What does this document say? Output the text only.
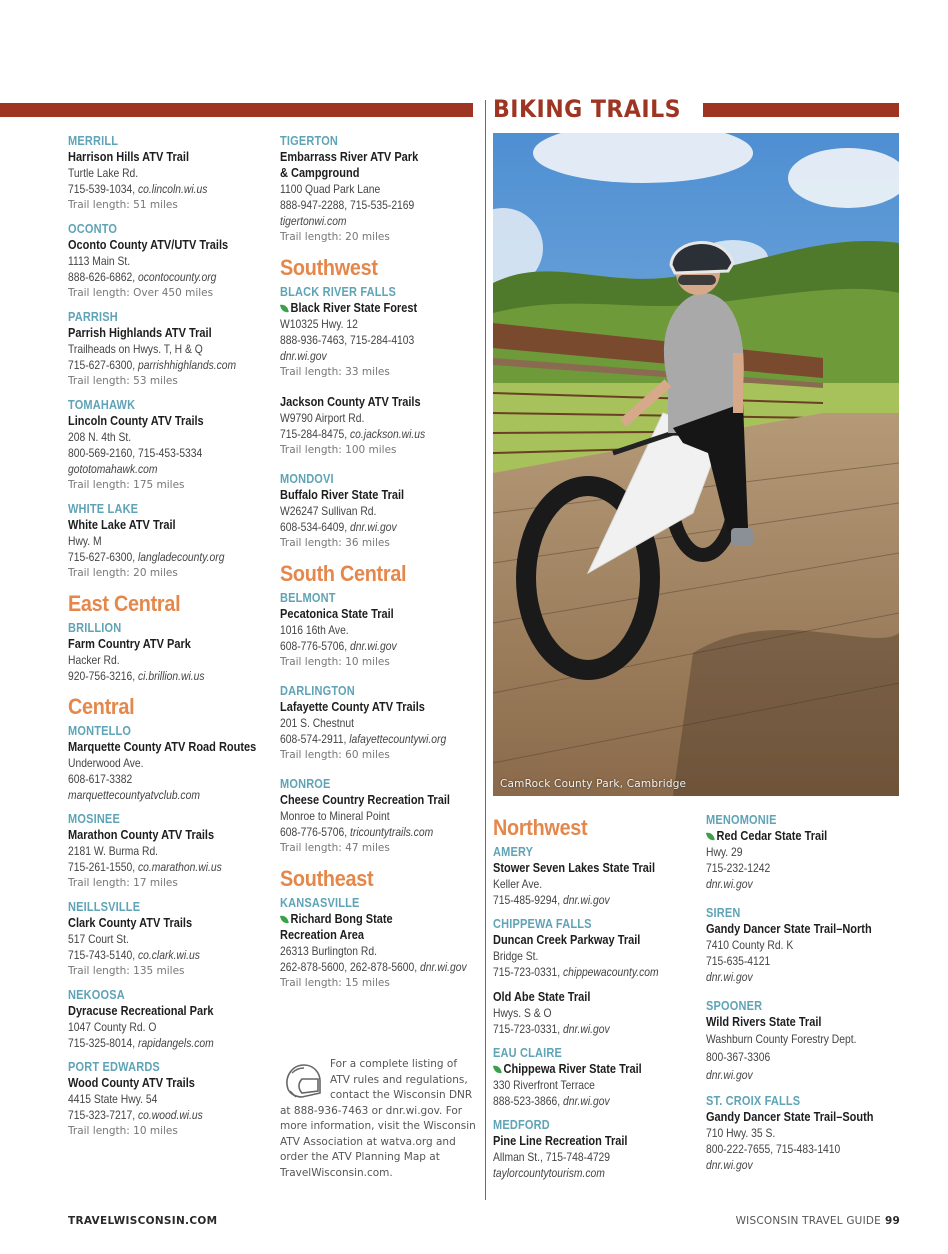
BIKING TRAILS
MERRILL
Harrison Hills ATV Trail
Turtle Lake Rd.
715-539-1034, co.lincoln.wi.us
Trail length: 51 miles
OCONTO
Oconto County ATV/UTV Trails
1113 Main St.
888-626-6862, ocontocounty.org
Trail length: Over 450 miles
PARRISH
Parrish Highlands ATV Trail
Trailheads on Hwys. T, H & Q
715-627-6300, parrishhighlands.com
Trail length: 53 miles
TOMAHAWK
Lincoln County ATV Trails
208 N. 4th St.
800-569-2160, 715-453-5334
gototomahawk.com
Trail length: 175 miles
WHITE LAKE
White Lake ATV Trail
Hwy. M
715-627-6300, langladecounty.org
Trail length: 20 miles
East Central
BRILLION
Farm Country ATV Park
Hacker Rd.
920-756-3216, ci.brillion.wi.us
Central
MONTELLO
Marquette County ATV Road Routes
Underwood Ave.
608-617-3382
marquettecountyatvclub.com
MOSINEE
Marathon County ATV Trails
2181 W. Burma Rd.
715-261-1550, co.marathon.wi.us
Trail length: 17 miles
NEILLSVILLE
Clark County ATV Trails
517 Court St.
715-743-5140, co.clark.wi.us
Trail length: 135 miles
NEKOOSA
Dyracuse Recreational Park
1047 County Rd. O
715-325-8014, rapidangels.com
PORT EDWARDS
Wood County ATV Trails
4415 State Hwy. 54
715-323-7217, co.wood.wi.us
Trail length: 10 miles
TIGERTON
Embarrass River ATV Park
& Campground
1100 Quad Park Lane
888-947-2288, 715-535-2169
tigertonwi.com
Trail length: 20 miles
Southwest
BLACK RIVER FALLS
Black River State Forest
W10325 Hwy. 12
888-936-7463, 715-284-4103
dnr.wi.gov
Trail length: 33 miles
Jackson County ATV Trails
W9790 Airport Rd.
715-284-8475, co.jackson.wi.us
Trail length: 100 miles
MONDOVI
Buffalo River State Trail
W26247 Sullivan Rd.
608-534-6409, dnr.wi.gov
Trail length: 36 miles
South Central
BELMONT
Pecatonica State Trail
1016 16th Ave.
608-776-5706, dnr.wi.gov
Trail length: 10 miles
DARLINGTON
Lafayette County ATV Trails
201 S. Chestnut
608-574-2911, lafayettecountywi.org
Trail length: 60 miles
MONROE
Cheese Country Recreation Trail
Monroe to Mineral Point
608-776-5706, tricountytrails.com
Trail length: 47 miles
Southeast
KANSASVILLE
Richard Bong State
Recreation Area
26313 Burlington Rd.
262-878-5600, 262-878-5600, dnr.wi.gov
Trail length: 15 miles
For a complete listing of ATV rules and regulations, contact the Wisconsin DNR at 888-936-7463 or dnr.wi.gov. For more information, visit the Wisconsin ATV Association at watva.org and order the ATV Planning Map at TravelWisconsin.com.
CamRock County Park, Cambridge
Northwest
AMERY
Stower Seven Lakes State Trail
Keller Ave.
715-485-9294, dnr.wi.gov
CHIPPEWA FALLS
Duncan Creek Parkway Trail
Bridge St.
715-723-0331, chippewacounty.com
Old Abe State Trail
Hwys. S & O
715-723-0331, dnr.wi.gov
EAU CLAIRE
Chippewa River State Trail
330 Riverfront Terrace
888-523-3866, dnr.wi.gov
MEDFORD
Pine Line Recreation Trail
Allman St., 715-748-4729
taylorcountytourism.com
MENOMONIE
Red Cedar State Trail
Hwy. 29
715-232-1242
dnr.wi.gov
SIREN
Gandy Dancer State Trail–North
7410 County Rd. K
715-635-4121
dnr.wi.gov
SPOONER
Wild Rivers State Trail
Washburn County Forestry Dept.
800-367-3306
dnr.wi.gov
ST. CROIX FALLS
Gandy Dancer State Trail–South
710 Hwy. 35 S.
800-222-7655, 715-483-1410
dnr.wi.gov
TRAVELWISCONSIN.COM	WISCONSIN TRAVEL GUIDE 99
